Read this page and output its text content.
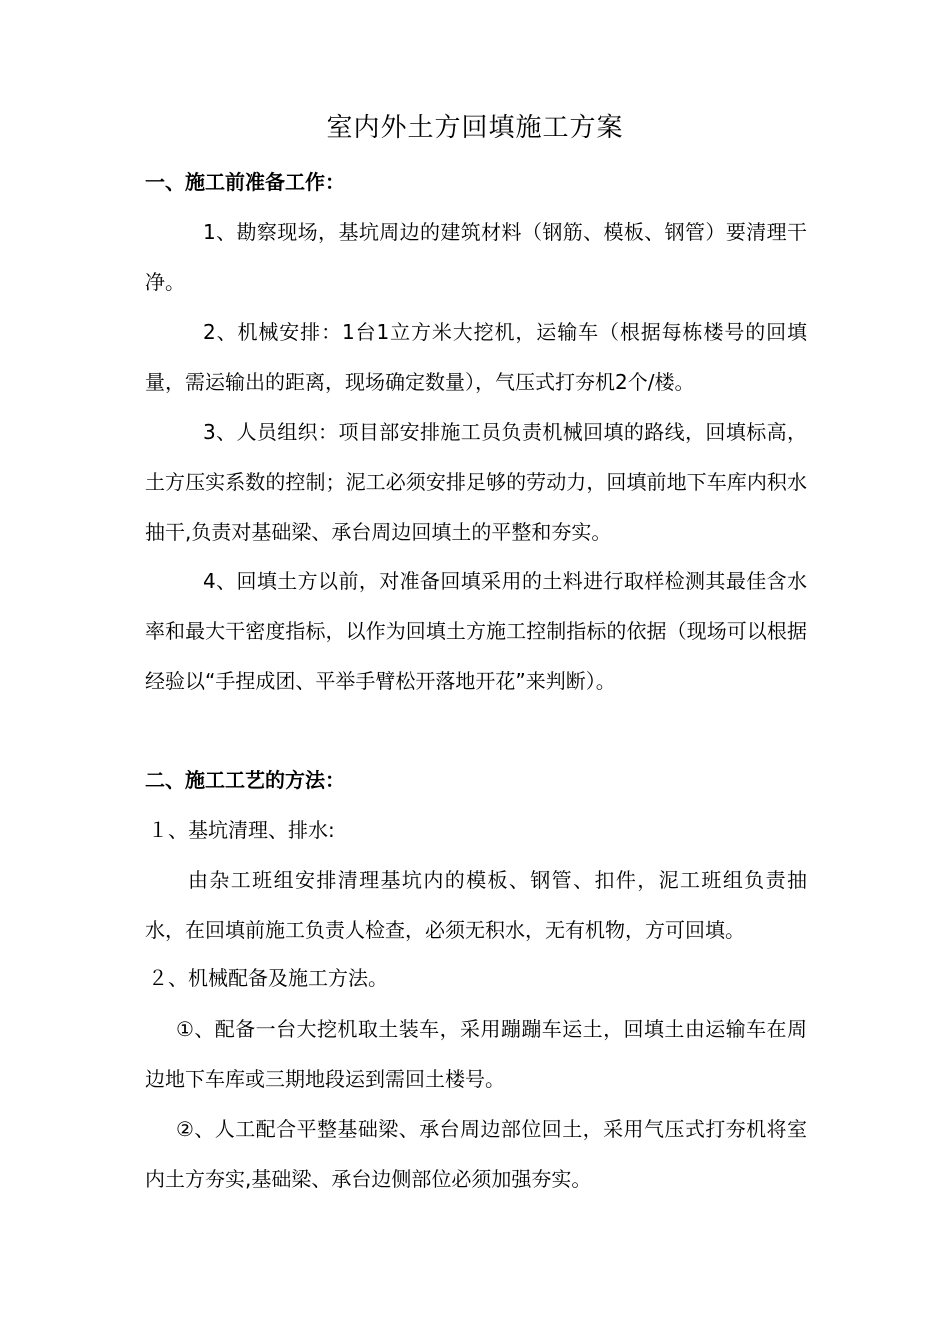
室内外土方回填施工方案
一、施工前准备工作：

1、勘察现场，基坑周边的建筑材料（钢筋、模板、钢管）要清理干净。

2、机械安排：1台1立方米大挖机，运输车（根据每栋楼号的回填量，需运输出的距离，现场确定数量），气压式打夯机2个/楼。

3、人员组织：项目部安排施工员负责机械回填的路线，回填标高，土方压实系数的控制；泥工必须安排足够的劳动力，回填前地下车库内积水抽干,负责对基础梁、承台周边回填土的平整和夯实。

4、回填土方以前，对准备回填采用的土料进行取样检测其最佳含水率和最大干密度指标，以作为回填土方施工控制指标的依据（现场可以根据经验以“手捏成团、平举手臂松开落地开花”来判断）。

二、施工工艺的方法：

１、基坑清理、排水:

由杂工班组安排清理基坑内的模板、钢管、扣件，泥工班组负责抽水，在回填前施工负责人检查，必须无积水，无有机物，方可回填。

２、机械配备及施工方法。

①、配备一台大挖机取土装车，采用蹦蹦车运土，回填土由运输车在周边地下车库或三期地段运到需回土楼号。

②、人工配合平整基础梁、承台周边部位回土，采用气压式打夯机将室内土方夯实,基础梁、承台边侧部位必须加强夯实。
